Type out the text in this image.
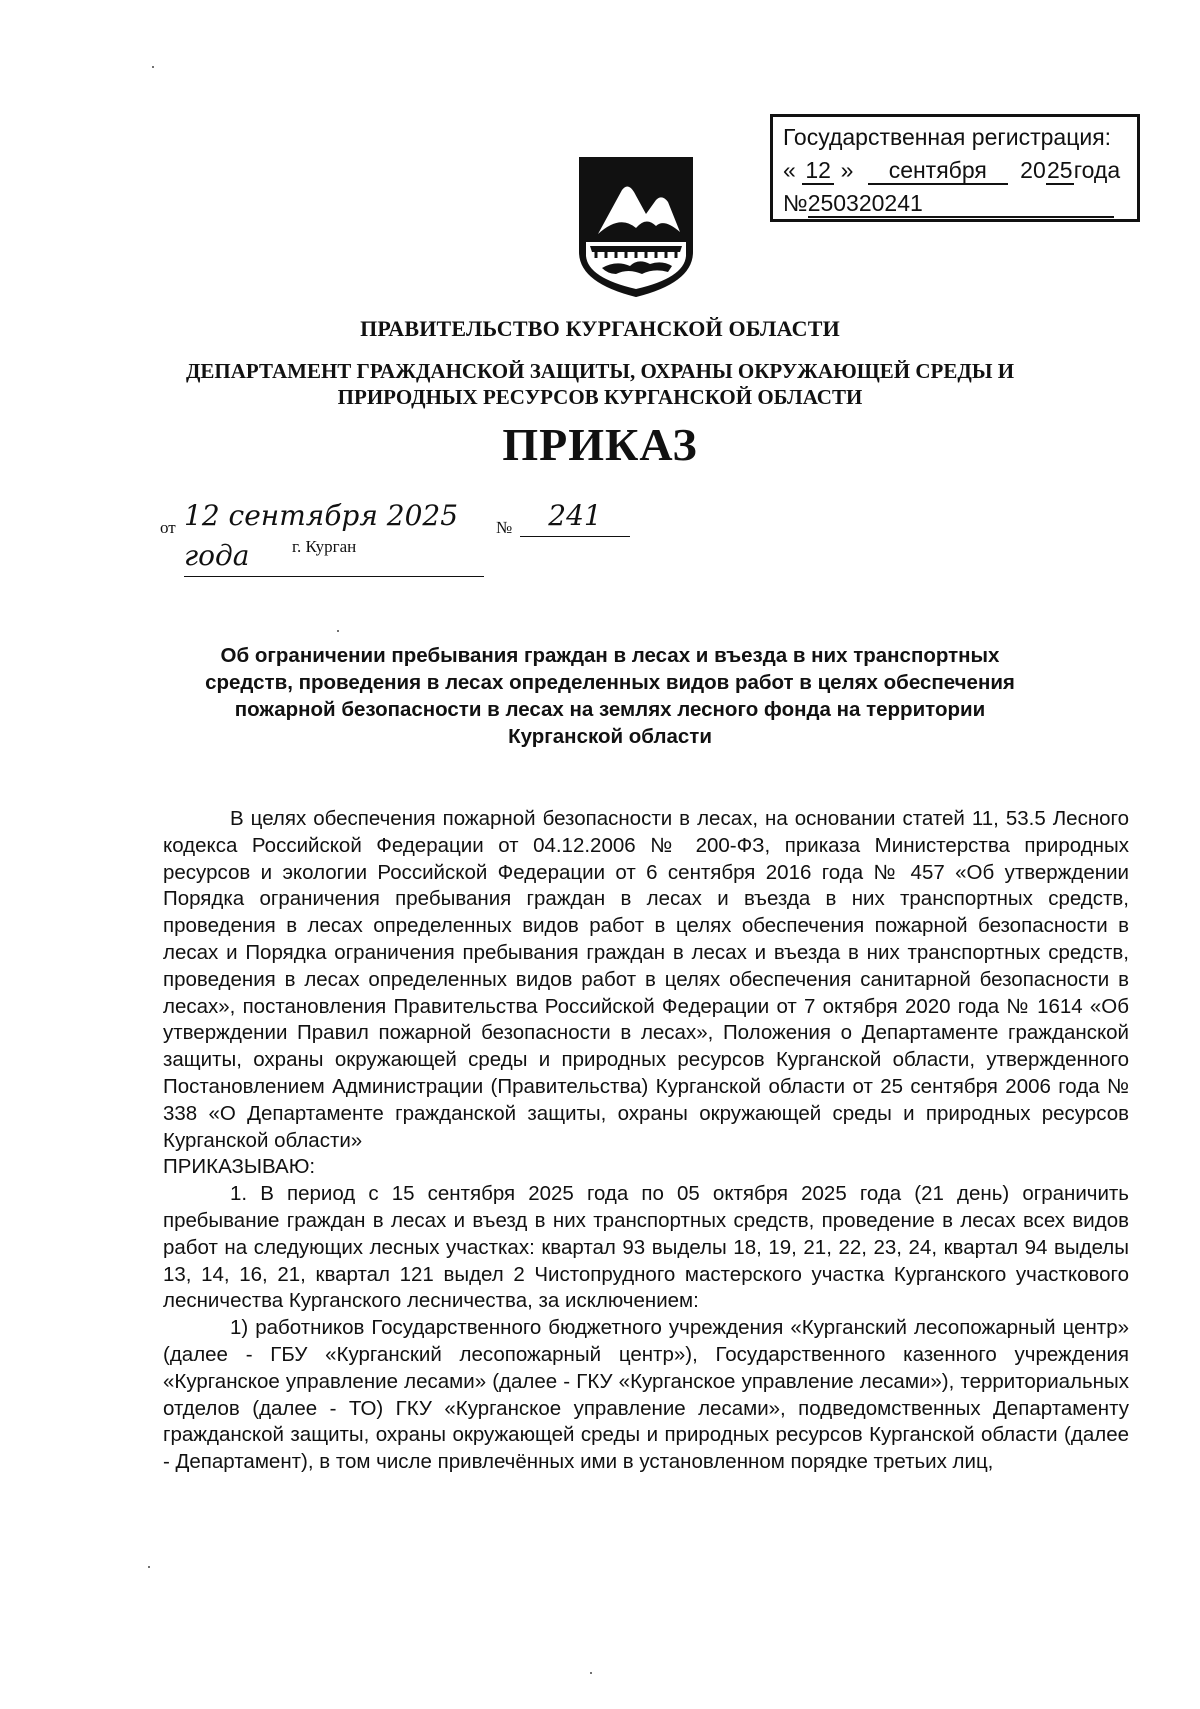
Государственная регистрация:
« 12 » сентября 2025года
№250320241
ПРАВИТЕЛЬСТВО КУРГАНСКОЙ ОБЛАСТИ
ДЕПАРТАМЕНТ ГРАЖДАНСКОЙ ЗАЩИТЫ, ОХРАНЫ ОКРУЖАЮЩЕЙ СРЕДЫ И
ПРИРОДНЫХ РЕСУРСОВ КУРГАНСКОЙ ОБЛАСТИ
ПРИКАЗ
от 12 сентября 2025 года
№	241
г. Курган
Об ограничении пребывания граждан в лесах и въезда в них транспортных
средств, проведения в лесах определенных видов работ в целях обеспечения
пожарной безопасности в лесах на землях лесного фонда на территории
Курганской области

В целях обеспечения пожарной безопасности в лесах, на основании статей 11, 53.5 Лесного кодекса Российской Федерации от 04.12.2006 № 200-ФЗ, приказа Министерства природных ресурсов и экологии Российской Федерации от 6 сентября 2016 года № 457 «Об утверждении Порядка ограничения пребывания граждан в лесах и въезда в них транспортных средств, проведения в лесах определенных видов работ в целях обеспечения пожарной безопасности в лесах и Порядка ограничения пребывания граждан в лесах и въезда в них транспортных средств, проведения в лесах определенных видов работ в целях обеспечения санитарной безопасности в лесах», постановления Правительства Российской Федерации от 7 октября 2020 года № 1614 «Об утверждении Правил пожарной безопасности в лесах», Положения о Департаменте гражданской защиты, охраны окружающей среды и природных ресурсов Курганской области, утвержденного Постановлением Администрации (Правительства) Курганской области от 25 сентября 2006 года № 338 «О Департаменте гражданской защиты, охраны окружающей среды и природных ресурсов Курганской области»

ПРИКАЗЫВАЮ:

1. В период с 15 сентября 2025 года по 05 октября 2025 года (21 день) ограничить пребывание граждан в лесах и въезд в них транспортных средств, проведение в лесах всех видов работ на следующих лесных участках: квартал 93 выделы 18, 19, 21, 22, 23, 24, квартал 94 выделы 13, 14, 16, 21, квартал 121 выдел 2 Чистопрудного мастерского участка Курганского участкового лесничества Курганского лесничества, за исключением:

1) работников Государственного бюджетного учреждения «Курганский лесопожарный центр» (далее - ГБУ «Курганский лесопожарный центр»), Государственного казенного учреждения «Курганское управление лесами» (далее - ГКУ «Курганское управление лесами»), территориальных отделов (далее - ТО) ГКУ «Курганское управление лесами», подведомственных Департаменту гражданской защиты, охраны окружающей среды и природных ресурсов Курганской области (далее - Департамент), в том числе привлечённых ими в установленном порядке третьих лиц,
